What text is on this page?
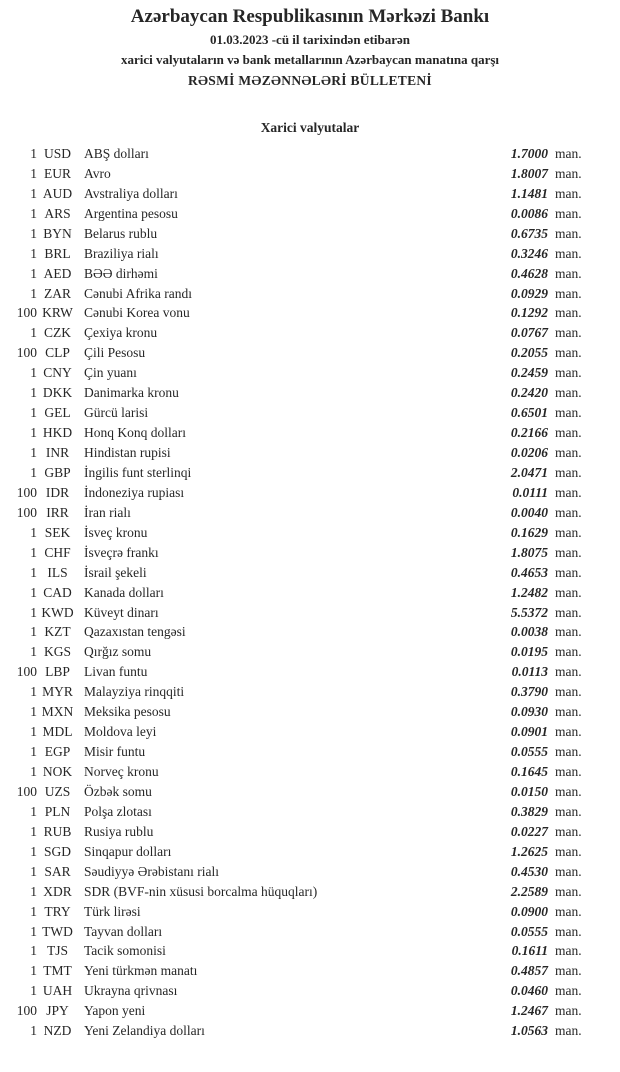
Azərbaycan Respublikasının Mərkəzi Bankı
01.03.2023 -cü il tarixindən etibarən
xarici valyutaların və bank metallarının Azərbaycan manatına qarşı
RƏSMİ MƏZƏNNƏLƏRİ BÜLLETENİ
Xarici valyutalar
1 USD ABŞ dolları	1.7000 man.
1 EUR Avro	1.8007 man.
1 AUD Avstraliya dolları	1.1481 man.
1 ARS Argentina pesosu	0.0086 man.
1 BYN Belarus rublu	0.6735 man.
1 BRL Braziliya rialı	0.3246 man.
1 AED BƏƏ dirhəmi	0.4628 man.
1 ZAR Cənubi Afrika randı	0.0929 man.
100 KRW Cənubi Korea vonu	0.1292 man.
1 CZK Çexiya kronu	0.0767 man.
100 CLP	Çili Pesosu	0.2055 man.
1 CNY Çin yuanı	0.2459 man.
1 DKK Danimarka kronu	0.2420 man.
1 GEL Gürcü larisi	0.6501 man.
1 HKD Honq Konq dolları	0.2166 man.
1 INR	Hindistan rupisi	0.0206 man.
1 GBP İngilis funt sterlinqi	2.0471 man.
100 IDR	İndoneziya rupiası	0.0111 man.
100 IRR	İran rialı	0.0040 man.
1 SEK	İsveç kronu	0.1629 man.
1 CHF İsveçrə frankı	1.8075 man.
1 ILS	İsrail şekeli	0.4653 man.
1 CAD Kanada dolları	1.2482 man.
1 KWD Küveyt dinarı	5.5372 man.
1 KZT Qazaxıstan tengəsi	0.0038 man.
1 KGS Qırğız somu	0.0195 man.
100 LBP	Livan funtu	0.0113 man.
1 MYR Malayziya rinqqiti	0.3790 man.
1 MXN Meksika pesosu	0.0930 man.
1 MDL Moldova leyi	0.0901 man.
1 EGP	Misir funtu	0.0555 man.
1 NOK Norveç kronu	0.1645 man.
100 UZS	Özbək somu	0.0150 man.
1 PLN	Polşa zlotası	0.3829 man.
1 RUB Rusiya rublu	0.0227 man.
1 SGD Sinqapur dolları	1.2625 man.
1 SAR Səudiyyə Ərəbistanı rialı	0.4530 man.
1 XDR SDR (BVF-nin xüsusi borcalma hüquqları)	2.2589 man.
1 TRY Türk lirəsi	0.0900 man.
1 TWD Tayvan dolları	0.0555 man.
1 TJS	Tacik somonisi	0.1611 man.
1 TMT Yeni türkmən manatı	0.4857 man.
1 UAH Ukrayna qrivnası	0.0460 man.
100 JPY	Yapon yeni	1.2467 man.
1 NZD Yeni Zelandiya dolları	1.0563 man.
